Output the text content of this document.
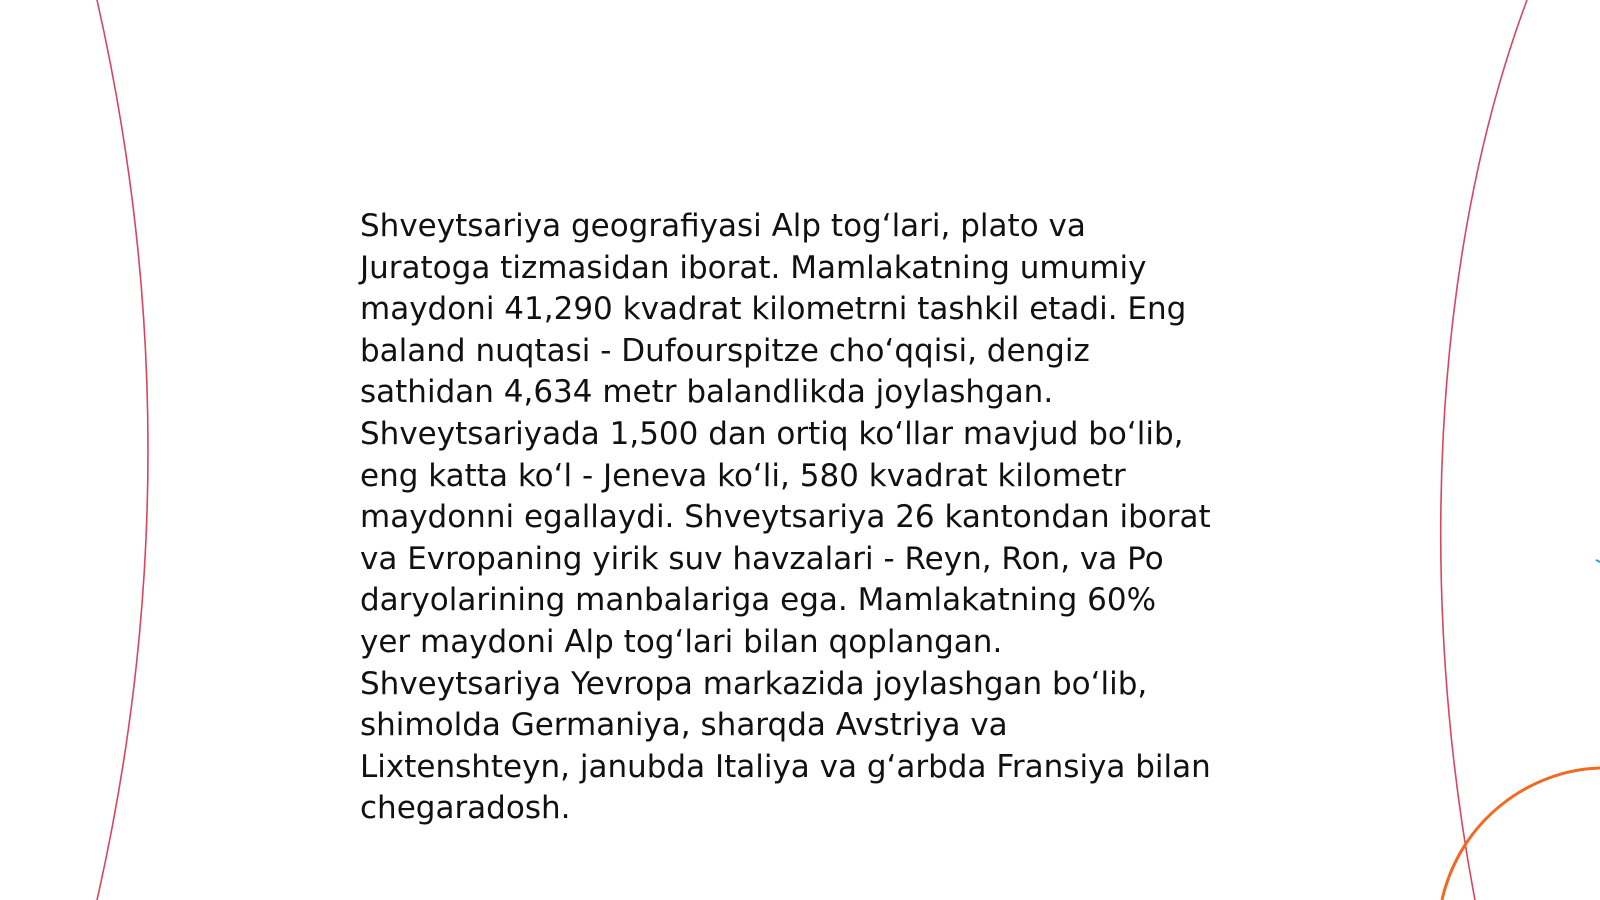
Shveytsariya geografiyasi Alp tog‘lari, plato va
Juratoga tizmasidan iborat. Mamlakatning umumiy
maydoni 41,290 kvadrat kilometrni tashkil etadi. Eng
baland nuqtasi - Dufourspitze cho‘qqisi, dengiz
sathidan 4,634 metr balandlikda joylashgan.
Shveytsariyada 1,500 dan ortiq ko‘llar mavjud bo‘lib,
eng katta ko‘l - Jeneva ko‘li, 580 kvadrat kilometr
maydonni egallaydi. Shveytsariya 26 kantondan iborat
va Evropaning yirik suv havzalari - Reyn, Ron, va Po
daryolarining manbalariga ega. Mamlakatning 60%
yer maydoni Alp tog‘lari bilan qoplangan.
Shveytsariya Yevropa markazida joylashgan bo‘lib,
shimolda Germaniya, sharqda Avstriya va
Lixtenshteyn, janubda Italiya va g‘arbda Fransiya bilan
chegaradosh.
